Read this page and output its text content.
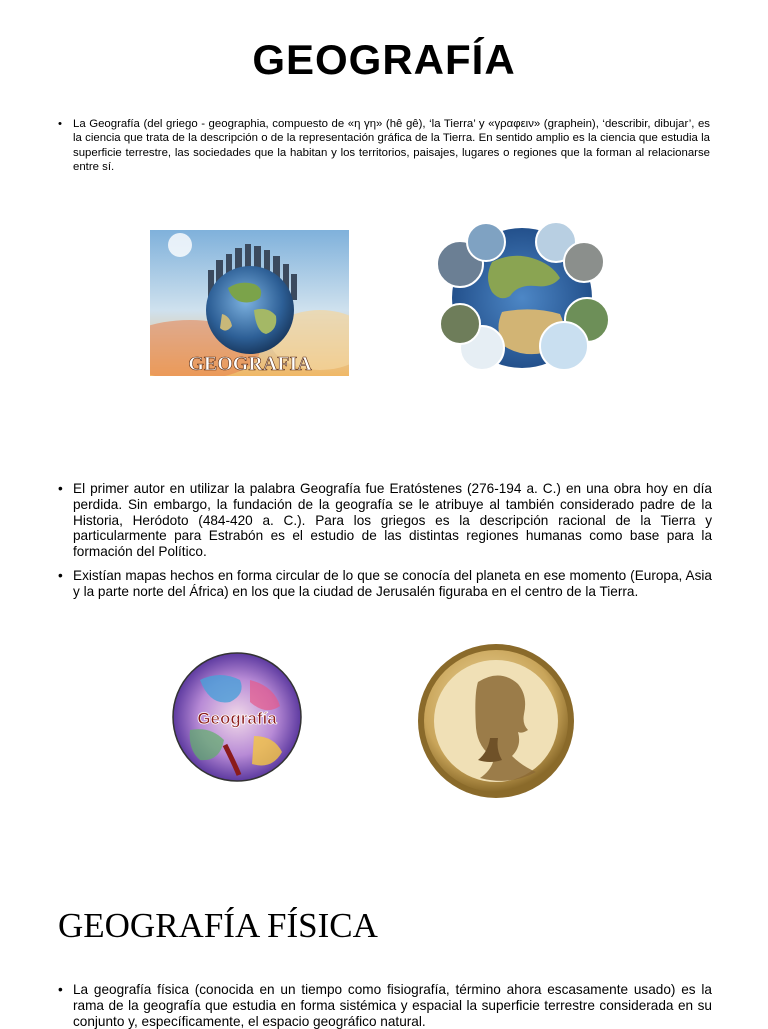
GEOGRAFÍA
• La Geografía (del griego - geographia, compuesto de «η γη» (hê gê), ‘la Tierra’ y «γραφειν» (graphein), ‘describir, dibujar’, es la ciencia que trata de la descripción o de la representación gráfica de la Tierra. En sentido amplio es la ciencia que estudia la superficie terrestre, las sociedades que la habitan y los territorios, paisajes, lugares o regiones que la forman al relacionarse entre sí.
GEOGRAFIA
• El primer autor en utilizar la palabra Geografía fue Eratóstenes (276-194 a. C.) en una obra hoy en día perdida. Sin embargo, la fundación de la geografía se le atribuye al también considerado padre de la Historia, Heródoto (484-420 a. C.). Para los griegos es la descripción racional de la Tierra y particularmente para Estrabón es el estudio de las distintas regiones humanas como base para la formación del Político.
• Existían mapas hechos en forma circular de lo que se conocía del planeta en ese momento (Europa, Asia y la parte norte del África) en los que la ciudad de Jerusalén figuraba en el centro de la Tierra.
Geografía
GEOGRAFÍA FÍSICA
• La geografía física (conocida en un tiempo como fisiografía, término ahora escasamente usado) es la rama de la geografía que estudia en forma sistémica y espacial la superficie terrestre considerada en su conjunto y, específicamente, el espacio geográfico natural.
